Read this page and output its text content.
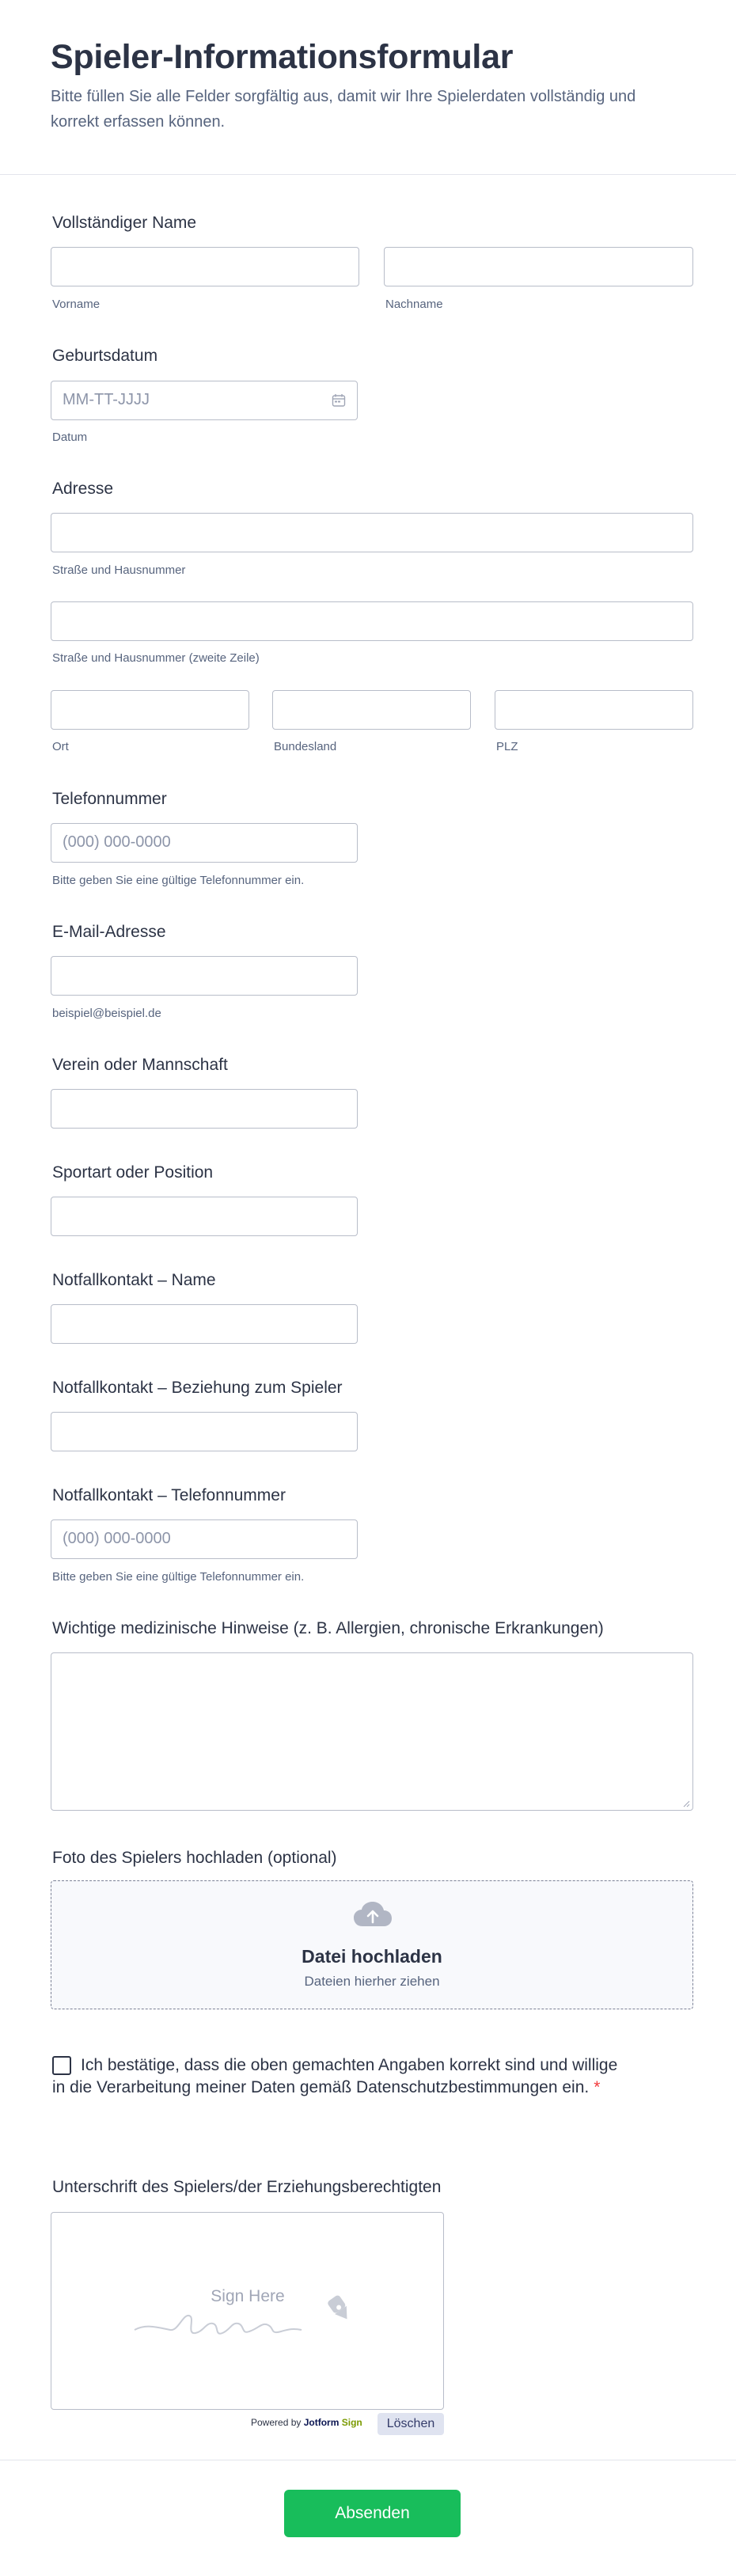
Spieler-Informationsformular
Bitte füllen Sie alle Felder sorgfältig aus, damit wir Ihre Spielerdaten vollständig und korrekt erfassen können.
Vollständiger Name
Vorname	Nachname
Geburtsdatum
MM-TT-JJJJ
Datum
Adresse
Straße und Hausnummer
Straße und Hausnummer (zweite Zeile)
Ort	Bundesland	PLZ
Telefonnummer
(000) 000-0000
Bitte geben Sie eine gültige Telefonnummer ein.
E-Mail-Adresse
beispiel@beispiel.de
Verein oder Mannschaft
Sportart oder Position
Notfallkontakt – Name
Notfallkontakt – Beziehung zum Spieler
Notfallkontakt – Telefonnummer
(000) 000-0000
Bitte geben Sie eine gültige Telefonnummer ein.
Wichtige medizinische Hinweise (z. B. Allergien, chronische Erkrankungen)
Foto des Spielers hochladen (optional)
Datei hochladen
Dateien hierher ziehen
Ich bestätige, dass die oben gemachten Angaben korrekt sind und willige in die Verarbeitung meiner Daten gemäß Datenschutzbestimmungen ein. *
Unterschrift des Spielers/der Erziehungsberechtigten
Sign Here
Powered by Jotform Sign	Löschen
Absenden
